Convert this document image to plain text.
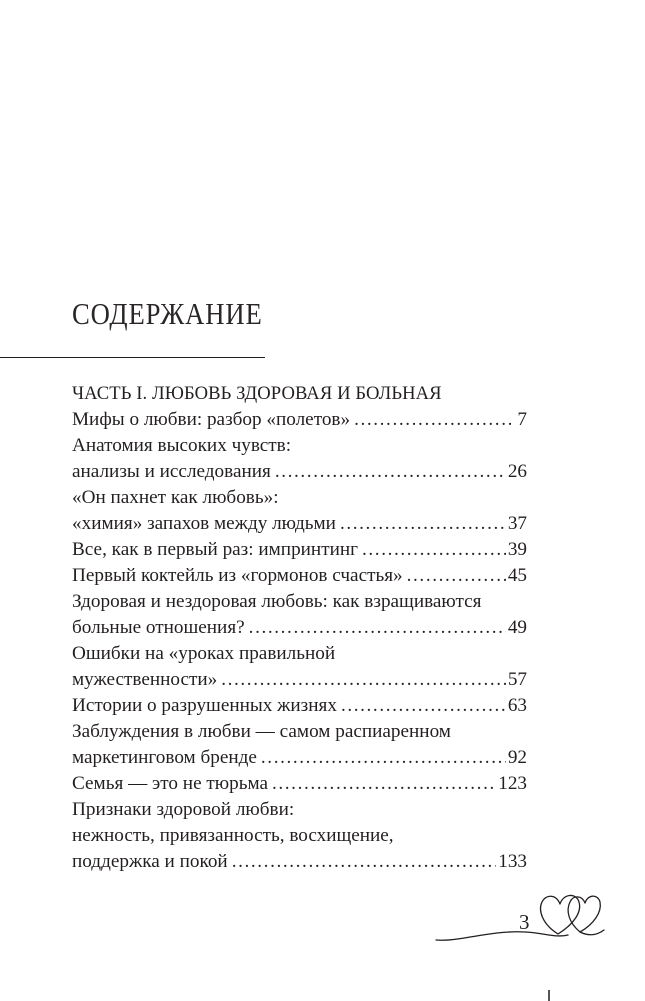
СОДЕРЖАНИЕ
ЧАСТЬ I. ЛЮБОВЬ ЗДОРОВАЯ И БОЛЬНАЯ
Мифы о любви: разбор «полетов» .....	7
Анатомия высоких чувств:
анализы и исследования .....	26
«Он пахнет как любовь»:
«химия» запахов между людьми .....	37
Все, как в первый раз: импринтинг .....	39
Первый коктейль из «гормонов счастья» .....	45
Здоровая и нездоровая любовь: как взращиваются
больные отношения? .....	49
Ошибки на «уроках правильной
мужественности» .....	57
Истории о разрушенных жизнях .....	63
Заблуждения в любви — самом распиаренном
маркетинговом бренде .....	92
Семья — это не тюрьма .....	123
Признаки здоровой любви:
нежность, привязанность, восхищение,
поддержка и покой .....	133
3
